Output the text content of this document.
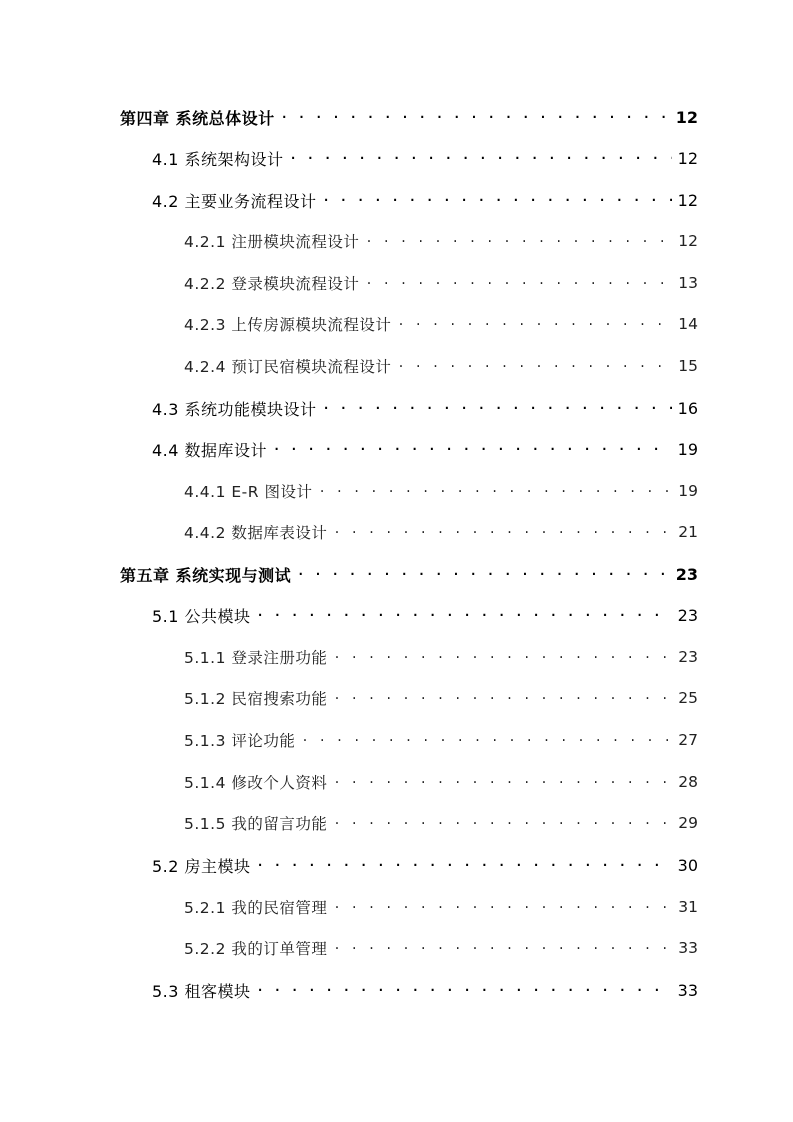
第四章 系统总体设计 . . .	12
4.1 系统架构设计 . . .	12
4.2 主要业务流程设计 . . .	12
4.2.1 注册模块流程设计 . . .	12
4.2.2 登录模块流程设计 . . .	13
4.2.3 上传房源模块流程设计 . . .	14
4.2.4 预订民宿模块流程设计 . . .	15
4.3 系统功能模块设计 . . .	16
4.4 数据库设计 . . .	19
4.4.1 E-R 图设计 . . .	19
4.4.2 数据库表设计 . . .	21
第五章 系统实现与测试 . . .	23
5.1 公共模块 . . .	23
5.1.1 登录注册功能 . . .	23
5.1.2 民宿搜索功能 . . .	25
5.1.3 评论功能 . . .	27
5.1.4 修改个人资料 . . .	28
5.1.5 我的留言功能 . . .	29
5.2 房主模块 . . .	30
5.2.1 我的民宿管理 . . .	31
5.2.2 我的订单管理 . . .	33
5.3 租客模块 . . .	33
